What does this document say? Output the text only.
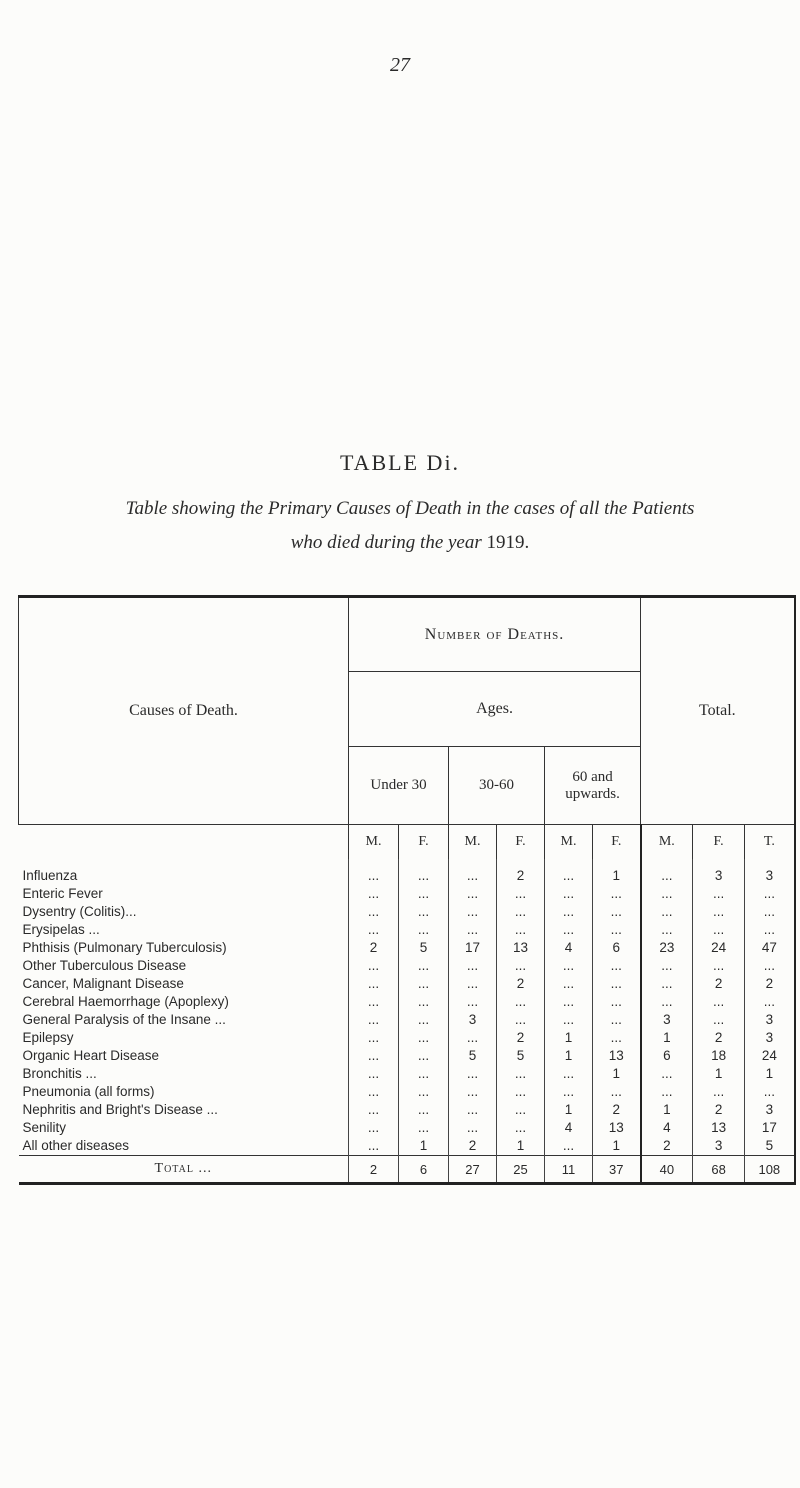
27
TABLE Di.
Table showing the Primary Causes of Death in the cases of all the Patients
who died during the year 1919.
Causes of Death.	Number of Deaths.						Total.		
	Ages.								
	Under 30		30-60		60 and upwards.				
	M.	F.	M.	F.	M.	F.	M.	F.	T.
Influenza	...	...	...	2	...	1	...	3	3
Enteric Fever	...	...	...	...	...	...	...	...	...
Dysentry (Colitis)...	...	...	...	...	...	...	...	...	...
Erysipelas ...	...	...	...	...	...	...	...	...	...
Phthisis (Pulmonary Tuberculosis)	2	5	17	13	4	6	23	24	47
Other Tuberculous Disease	...	...	...	...	...	...	...	...	...
Cancer, Malignant Disease	...	...	...	2	...	...	...	2	2
Cerebral Haemorrhage (Apoplexy)	...	...	...	...	...	...	...	...	...
General Paralysis of the Insane ...	...	...	3	...	...	...	3	...	3
Epilepsy	...	...	...	2	1	...	1	2	3
Organic Heart Disease	...	...	5	5	1	13	6	18	24
Bronchitis ...	...	...	...	...	...	1	...	1	1
Pneumonia (all forms)	...	...	...	...	...	...	...	...	...
Nephritis and Bright's Disease ...	...	...	...	...	1	2	1	2	3
Senility	...	...	...	...	4	13	4	13	17
All other diseases	...	1	2	1	...	1	2	3	5
Total ...	2	6	27	25	11	37	40	68	108
